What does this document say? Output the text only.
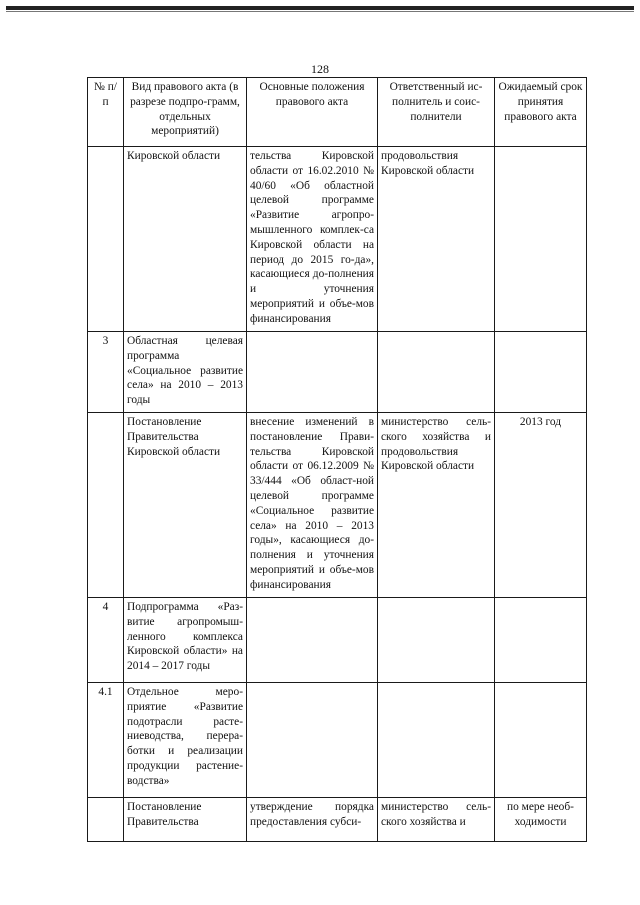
128
№ п/п	Вид правового акта (в разрезе подпро-грамм, отдельных мероприятий)	Основные положения правового акта	Ответственный ис-полнитель и соис-полнители	Ожидаемый срок принятия правового акта
	Кировской области	тельства Кировской области от 16.02.2010 № 40/60 «Об областной целевой программе «Развитие агропро-мышленного комплек-са Кировской области на период до 2015 го-да», касающиеся до-полнения и уточнения мероприятий и объе-мов финансирования	продовольствия Кировской области	
3	Областная целевая программа «Социальное развитие села» на 2010 – 2013 годы			
	Постановление Правительства Кировской области	внесение изменений в постановление Прави-тельства Кировской области от 06.12.2009 № 33/444 «Об област-ной целевой программе «Социальное развитие села» на 2010 – 2013 годы», касающиеся до-полнения и уточнения мероприятий и объе-мов финансирования	министерство сель-ского хозяйства и продовольствия Кировской области	2013 год
4	Подпрограмма «Раз-витие агропромыш-ленного комплекса Кировской области» на 2014 – 2017 годы			
4.1	Отдельное меро-приятие «Развитие подотрасли расте-ниеводства, перера-ботки и реализации продукции растение-водства»			
	Постановление Правительства	утверждение порядка предоставления субси-	министерство сель-ского хозяйства и	по мере необ-ходимости
